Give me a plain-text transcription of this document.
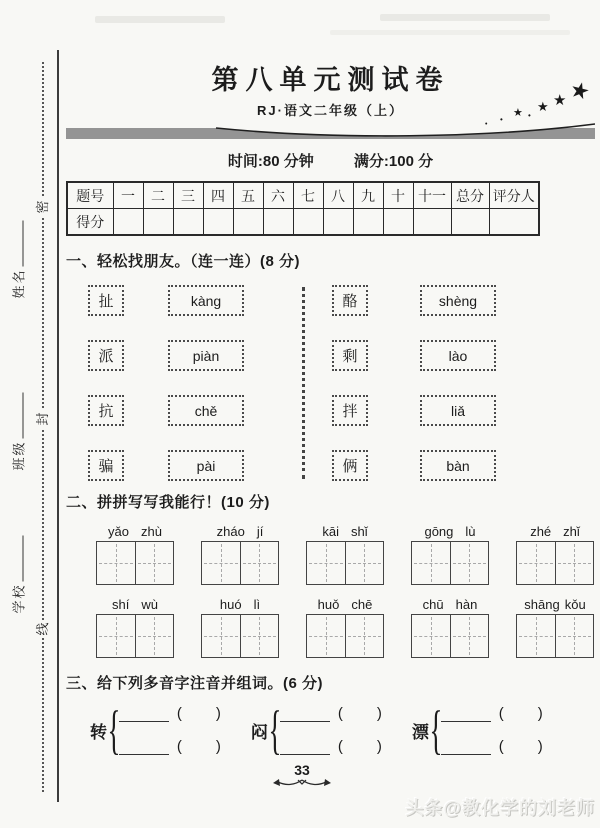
密
封
线
姓名
班级
学校
第八单元测试卷
RJ·语文二年级（上）
•
•
★ •
★ ★ ★
时间:80 分钟	满分:100 分
题号	一	二	三	四	五	六	七	八	九	十	十一	总分	评分人
得分													
一、轻松找朋友。（连一连）(8 分)
扯	kàng	酪	shèng
派	piàn	剩	lào
抗	chě	拌	liǎ
骗	pài	俩	bàn
二、拼拼写写我能行！(10 分)
yǎo zhù	zháo jí	kāi shǐ	gōng lù	zhé zhǐ
shí wù	huó lì	huǒ chē	chū hàn	shāng kǒu
三、给下列多音字注音并组词。(6 分)
转 {	( )
( )
闷 {	( )
( )
漂 {	( )
( )
33
头条@教化学的刘老师
